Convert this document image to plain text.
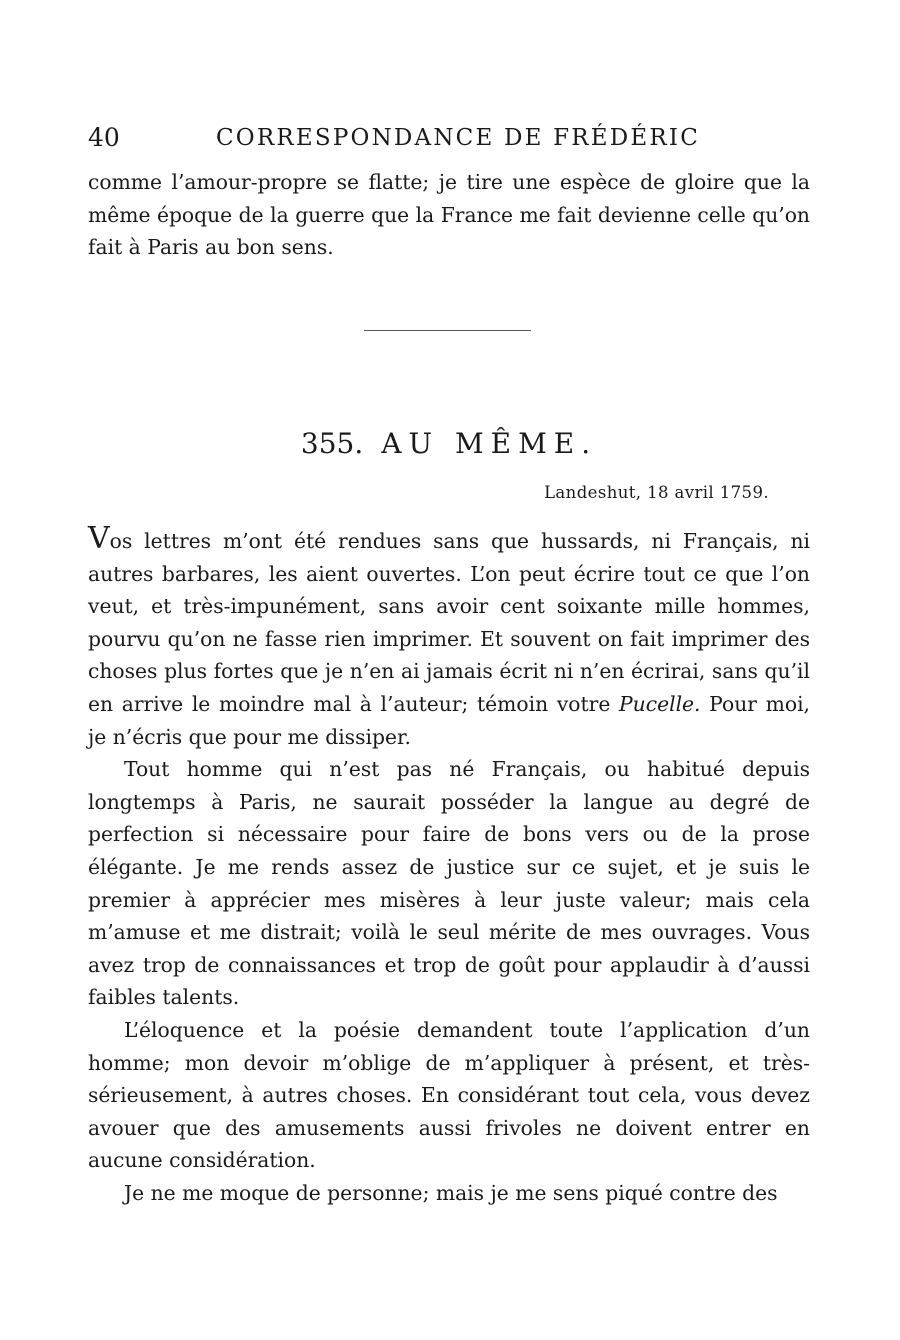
40	CORRESPONDANCE DE FRÉDÉRIC

comme l’amour-propre se flatte; je tire une espèce de gloire que la même époque de la guerre que la France me fait devienne celle qu’on fait à Paris au bon sens.

355. AU MÊME.
Landeshut, 18 avril 1759.

Vos lettres m’ont été rendues sans que hussards, ni Français, ni autres barbares, les aient ouvertes. L’on peut écrire tout ce que l’on veut, et très-impunément, sans avoir cent soixante mille hommes, pourvu qu’on ne fasse rien imprimer. Et souvent on fait imprimer des choses plus fortes que je n’en ai jamais écrit ni n’en écrirai, sans qu’il en arrive le moindre mal à l’auteur; témoin votre Pucelle. Pour moi, je n’écris que pour me dissiper.

Tout homme qui n’est pas né Français, ou habitué depuis longtemps à Paris, ne saurait posséder la langue au degré de perfection si nécessaire pour faire de bons vers ou de la prose élégante. Je me rends assez de justice sur ce sujet, et je suis le premier à apprécier mes misères à leur juste valeur; mais cela m’amuse et me distrait; voilà le seul mérite de mes ouvrages. Vous avez trop de connaissances et trop de goût pour applaudir à d’aussi faibles talents.

L’éloquence et la poésie demandent toute l’application d’un homme; mon devoir m’oblige de m’appliquer à présent, et très-sérieusement, à autres choses. En considérant tout cela, vous devez avouer que des amusements aussi frivoles ne doivent entrer en aucune considération.

Je ne me moque de personne; mais je me sens piqué contre des
